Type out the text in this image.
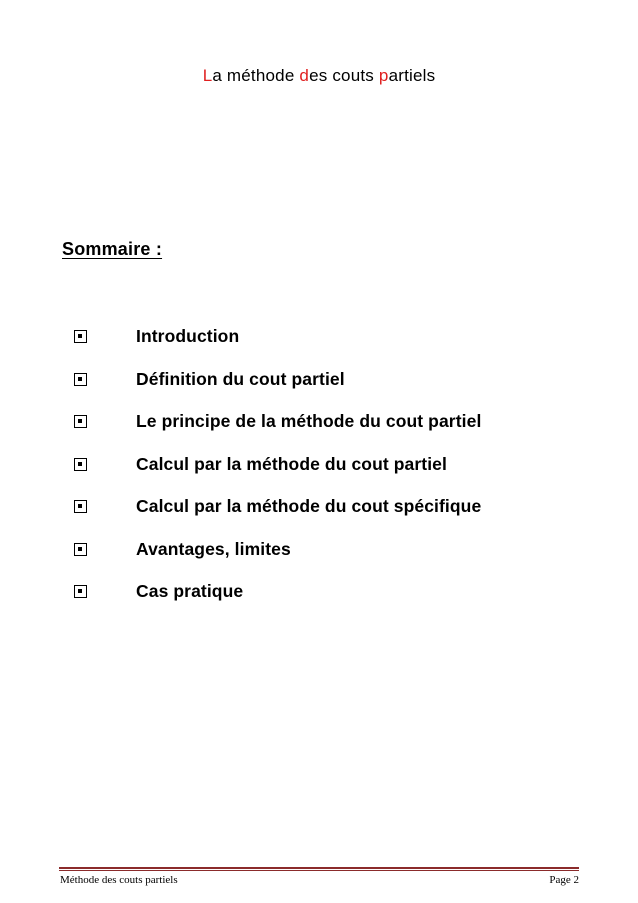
La méthode des couts partiels
Sommaire :
Introduction
Définition du cout partiel
Le principe de la méthode du cout partiel
Calcul par la méthode du cout partiel
Calcul par la méthode du cout spécifique
Avantages, limites
Cas pratique
Méthode des couts partiels	Page 2
